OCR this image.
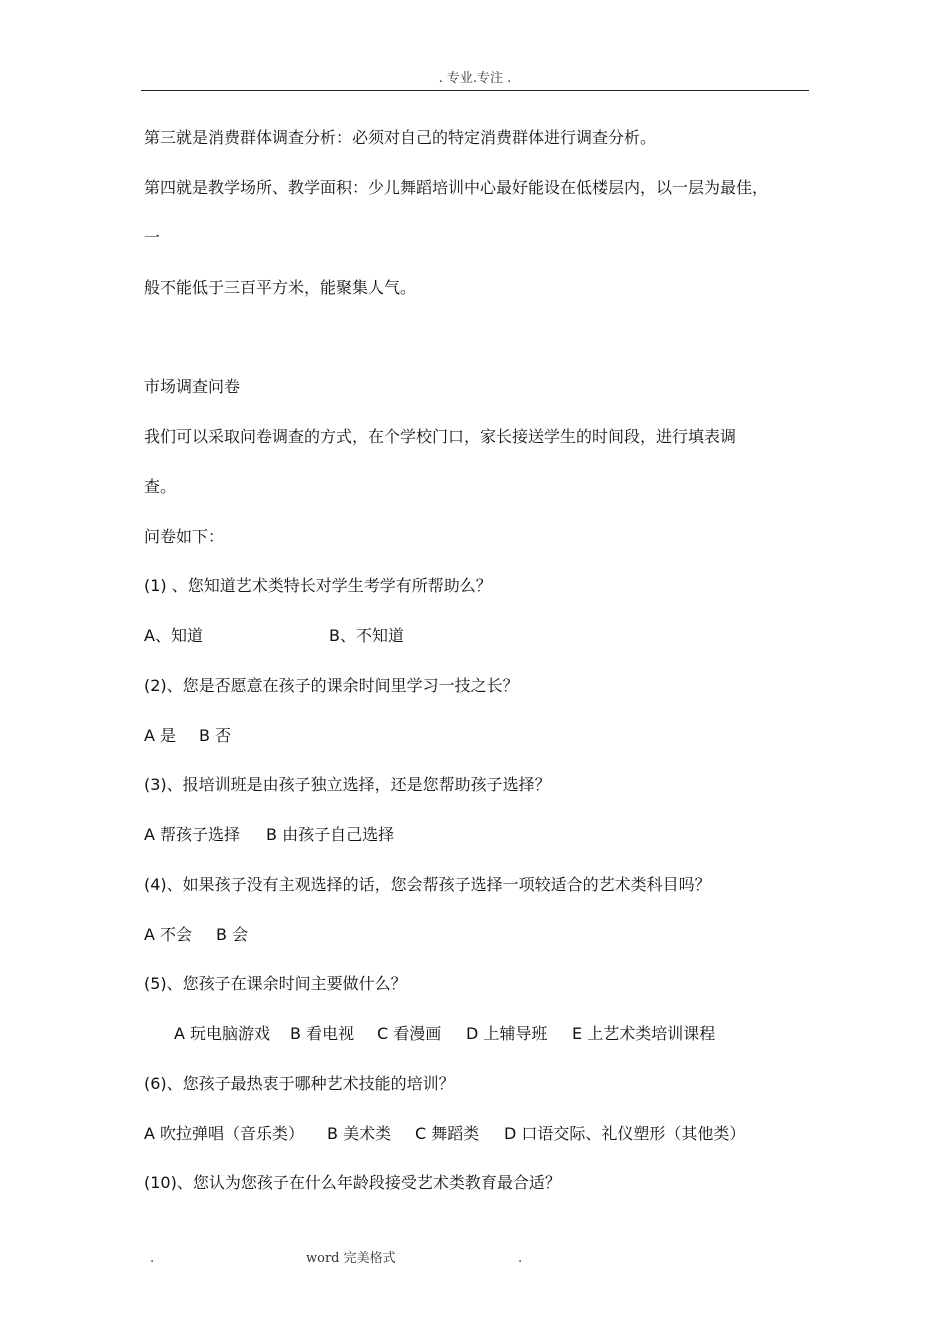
. 专业.专注 .
第三就是消费群体调查分析：必须对自己的特定消费群体进行调查分析。
第四就是教学场所、教学面积：少儿舞蹈培训中心最好能设在低楼层内，以一层为最佳，
一
般不能低于三百平方米，能聚集人气。
市场调查问卷
我们可以采取问卷调查的方式，在个学校门口，家长接送学生的时间段，进行填表调
查。
问卷如下：
(1) 、您知道艺术类特长对学生考学有所帮助么？
A、知道	B、不知道
(2)、您是否愿意在孩子的课余时间里学习一技之长？
A 是 B 否
(3)、报培训班是由孩子独立选择，还是您帮助孩子选择？
A 帮孩子选择 B 由孩子自己选择
(4)、如果孩子没有主观选择的话，您会帮孩子选择一项较适合的艺术类科目吗？
A 不会 B 会
(5)、您孩子在课余时间主要做什么？
A 玩电脑游戏 B 看电视 C 看漫画 D 上辅导班 E 上艺术类培训课程
(6)、您孩子最热衷于哪种艺术技能的培训？
A 吹拉弹唱（音乐类） B 美术类 C 舞蹈类 D 口语交际、礼仪塑形（其他类）
(10)、您认为您孩子在什么年龄段接受艺术类教育最合适？
.	word 完美格式	.
